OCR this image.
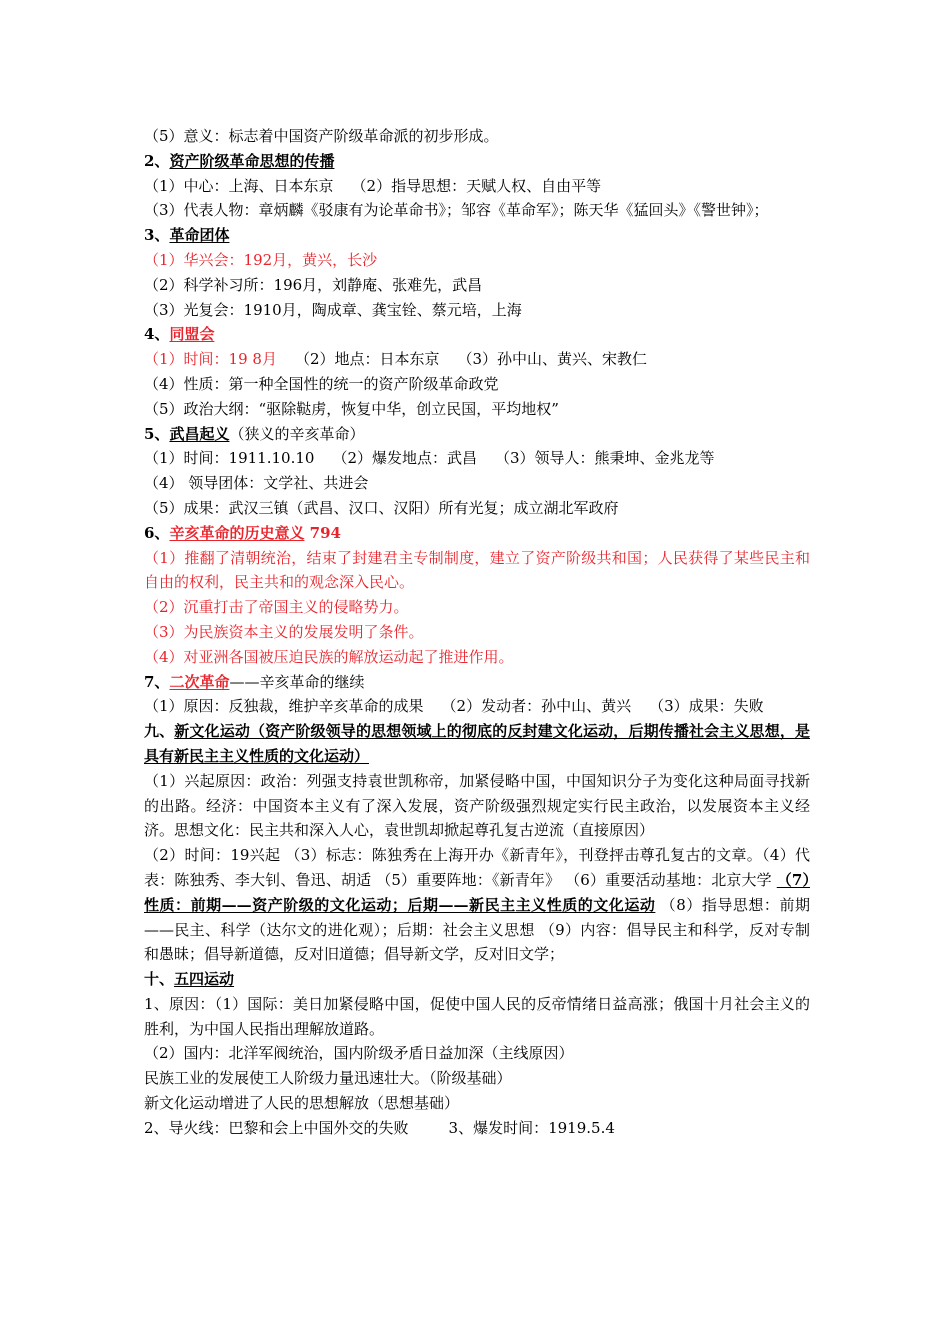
（5）意义：标志着中国资产阶级革命派的初步形成。
2、资产阶级革命思想的传播
（1）中心：上海、日本东京 （2）指导思想：天赋人权、自由平等
（3）代表人物：章炳麟《驳康有为论革命书》；邹容《革命军》；陈天华《猛回头》《警世钟》；
3、革命团体
（1）华兴会：192月，黄兴，长沙
（2）科学补习所：196月，刘静庵、张难先，武昌
（3）光复会：1910月，陶成章、龚宝铨、蔡元培，上海
4、同盟会
（1）时间：19 8月 （2）地点：日本东京 （3）孙中山、黄兴、宋教仁
（4）性质：第一种全国性的统一的资产阶级革命政党
（5）政治大纲：“驱除鞑虏，恢复中华，创立民国，平均地权”
5、武昌起义（狭义的辛亥革命）
（1）时间：1911.10.10 （2）爆发地点：武昌 （3）领导人：熊秉坤、金兆龙等
（4） 领导团体：文学社、共进会
（5）成果：武汉三镇（武昌、汉口、汉阳）所有光复；成立湖北军政府
6、辛亥革命的历史意义 794
（1）推翻了清朝统治，结束了封建君主专制制度，建立了资产阶级共和国；人民获得了某些民主和自由的权利，民主共和的观念深入民心。
（2）沉重打击了帝国主义的侵略势力。
（3）为民族资本主义的发展发明了条件。
（4）对亚洲各国被压迫民族的解放运动起了推进作用。
7、二次革命——辛亥革命的继续
（1）原因：反独裁，维护辛亥革命的成果 （2）发动者：孙中山、黄兴 （3）成果：失败
九、新文化运动（资产阶级领导的思想领域上的彻底的反封建文化运动，后期传播社会主义思想，是具有新民主主义性质的文化运动）
（1）兴起原因：政治：列强支持袁世凯称帝，加紧侵略中国，中国知识分子为变化这种局面寻找新的出路。经济：中国资本主义有了深入发展，资产阶级强烈规定实行民主政治，以发展资本主义经济。思想文化：民主共和深入人心，袁世凯却掀起尊孔复古逆流（直接原因）
（2）时间：19兴起 （3）标志：陈独秀在上海开办《新青年》，刊登抨击尊孔复古的文章。（4）代表：陈独秀、李大钊、鲁迅、胡适 （5）重要阵地：《新青年》 （6）重要活动基地：北京大学 （7）性质：前期——资产阶级的文化运动；后期——新民主主义性质的文化运动 （8）指导思想：前期——民主、科学（达尔文的进化观）；后期：社会主义思想 （9）内容：倡导民主和科学，反对专制和愚昧；倡导新道德，反对旧道德；倡导新文学，反对旧文学；
十、五四运动
1、原因：（1）国际：美日加紧侵略中国，促使中国人民的反帝情绪日益高涨；俄国十月社会主义的胜利，为中国人民指出理解放道路。
（2）国内：北洋军阀统治，国内阶级矛盾日益加深（主线原因）
民族工业的发展使工人阶级力量迅速壮大。（阶级基础）
新文化运动增进了人民的思想解放（思想基础）
2、导火线：巴黎和会上中国外交的失败	3、爆发时间：1919.5.4
